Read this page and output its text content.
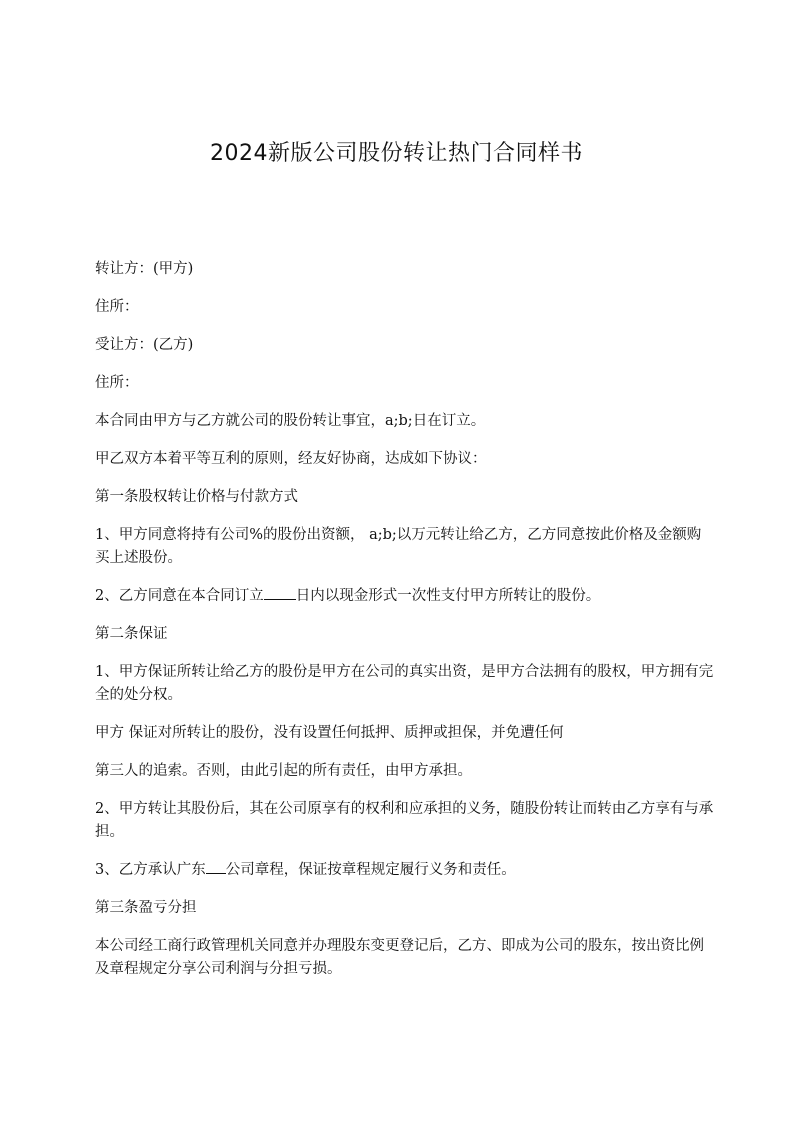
2024新版公司股份转让热门合同样书

转让方：(甲方)

住所：

受让方：(乙方)

住所：

本合同由甲方与乙方就公司的股份转让事宜，a;b;日在订立。

甲乙双方本着平等互利的原则，经友好协商，达成如下协议：

第一条股权转让价格与付款方式

1、甲方同意将持有公司%的股份出资额， a;b;以万元转让给乙方，乙方同意按此价格及金额购买上述股份。

2、乙方同意在本合同订立 日内以现金形式一次性支付甲方所转让的股份。

第二条保证

1、甲方保证所转让给乙方的股份是甲方在公司的真实出资，是甲方合法拥有的股权，甲方拥有完全的处分权。

甲方 保证对所转让的股份，没有设置任何抵押、质押或担保，并免遭任何

第三人的追索。否则，由此引起的所有责任，由甲方承担。

2、甲方转让其股份后，其在公司原享有的权利和应承担的义务，随股份转让而转由乙方享有与承担。

3、乙方承认广东 公司章程，保证按章程规定履行义务和责任。

第三条盈亏分担

本公司经工商行政管理机关同意并办理股东变更登记后，乙方、即成为公司的股东，按出资比例及章程规定分享公司利润与分担亏损。
